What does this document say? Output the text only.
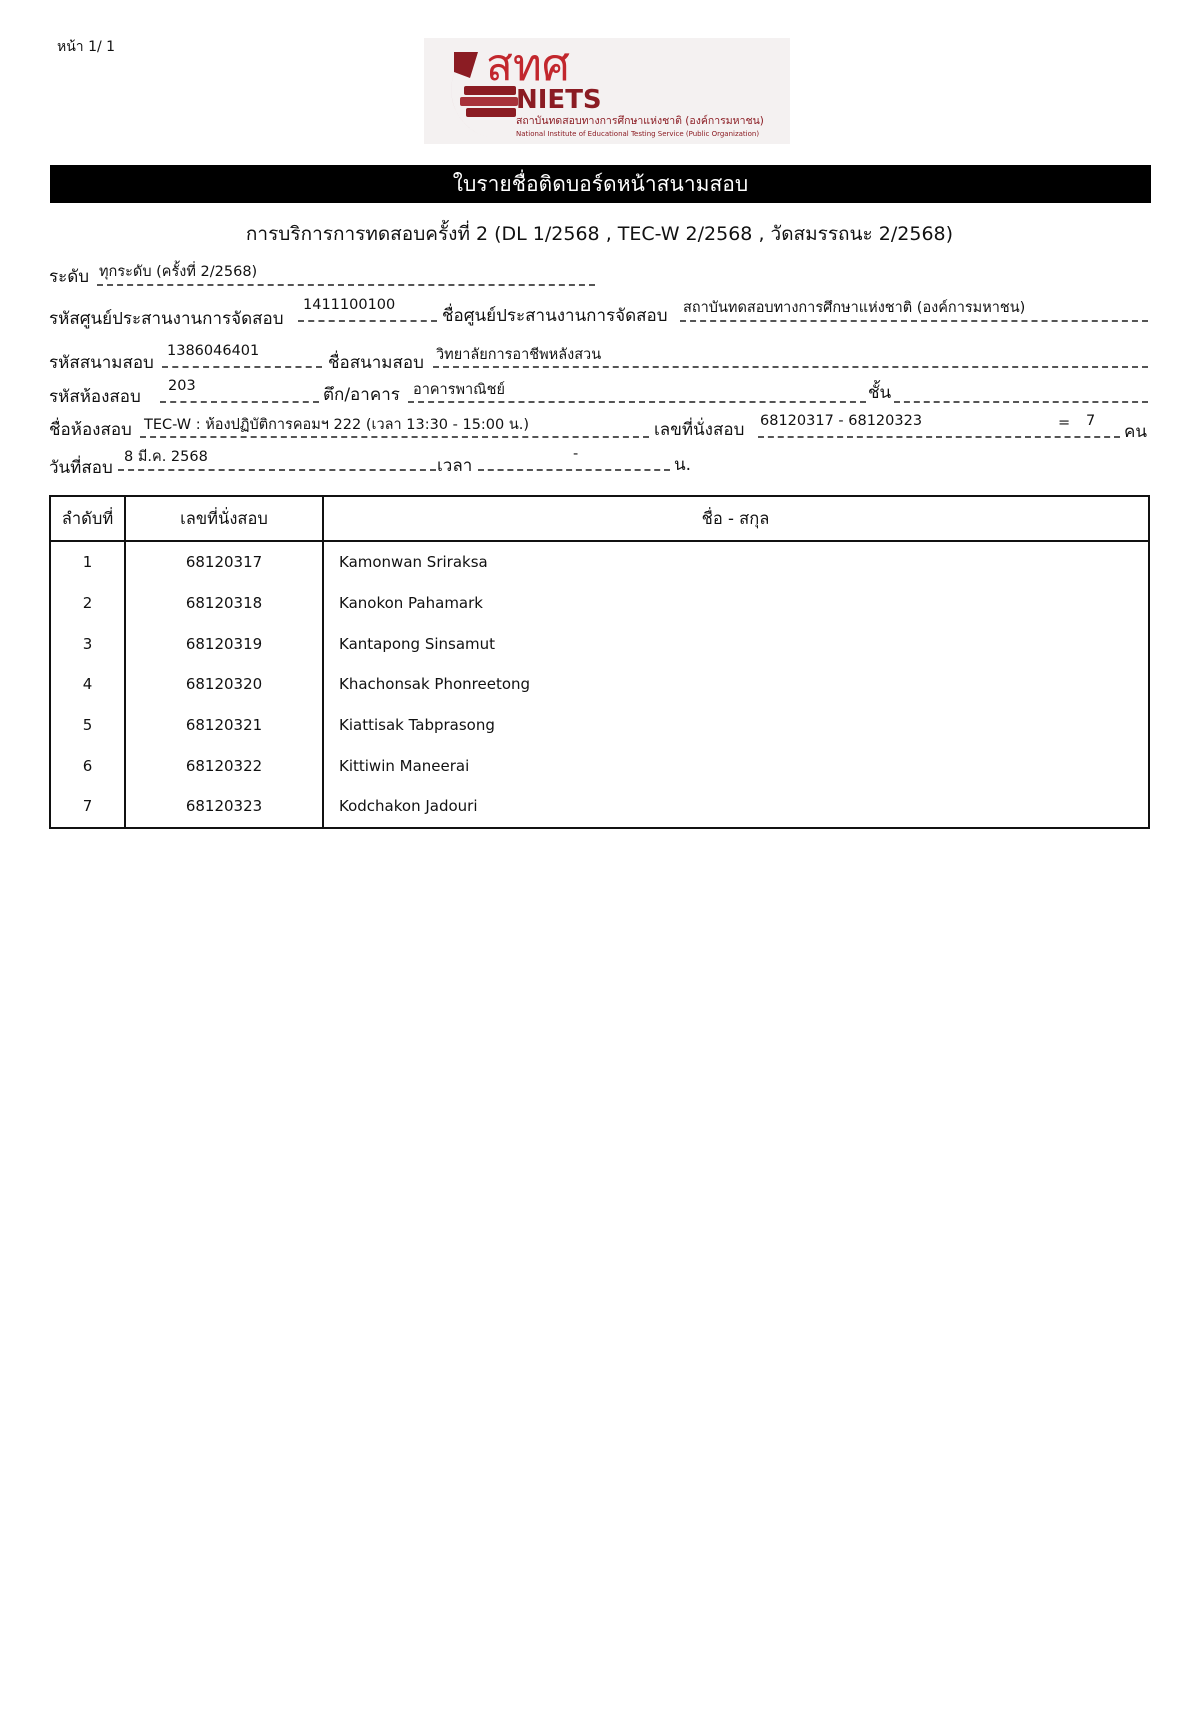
หน้า 1/ 1	สทศ
NIETS
สถาบันทดสอบทางการศึกษาแห่งชาติ (องค์การมหาชน)
National Institute of Educational Testing Service (Public Organization)
ใบรายชื่อติดบอร์ดหน้าสนามสอบ
การบริการการทดสอบครั้งที่ 2 (DL 1/2568 , TEC-W 2/2568 , วัดสมรรถนะ 2/2568)
ระดับ ทุกระดับ (ครั้งที่ 2/2568)
รหัสศูนย์ประสานงานการจัดสอบ
1411100100
ชื่อศูนย์ประสานงานการจัดสอบ สถาบันทดสอบทางการศึกษาแห่งชาติ (องค์การมหาชน)
รหัสสนามสอบ
1386046401
ชื่อสนามสอบ วิทยาลัยการอาชีพหลังสวน
รหัสห้องสอบ
203	ตึก/อาคาร อาคารพาณิชย์	ชั้น
ชื่อห้องสอบ TEC-W : ห้องปฏิบัติการคอมฯ 222 (เวลา 13:30 - 15:00 น.)	เลขที่นั่งสอบ 68120317 - 68120323	= 7
คน
วันที่สอบ
8 มี.ค. 2568	เวลา
-
น.
ลำดับที่	เลขที่นั่งสอบ	ชื่อ - สกุล
1	68120317	Kamonwan Sriraksa
2	68120318	Kanokon Pahamark
3	68120319	Kantapong Sinsamut
4	68120320	Khachonsak Phonreetong
5	68120321	Kiattisak Tabprasong
6	68120322	Kittiwin Maneerai
7	68120323	Kodchakon Jadouri
